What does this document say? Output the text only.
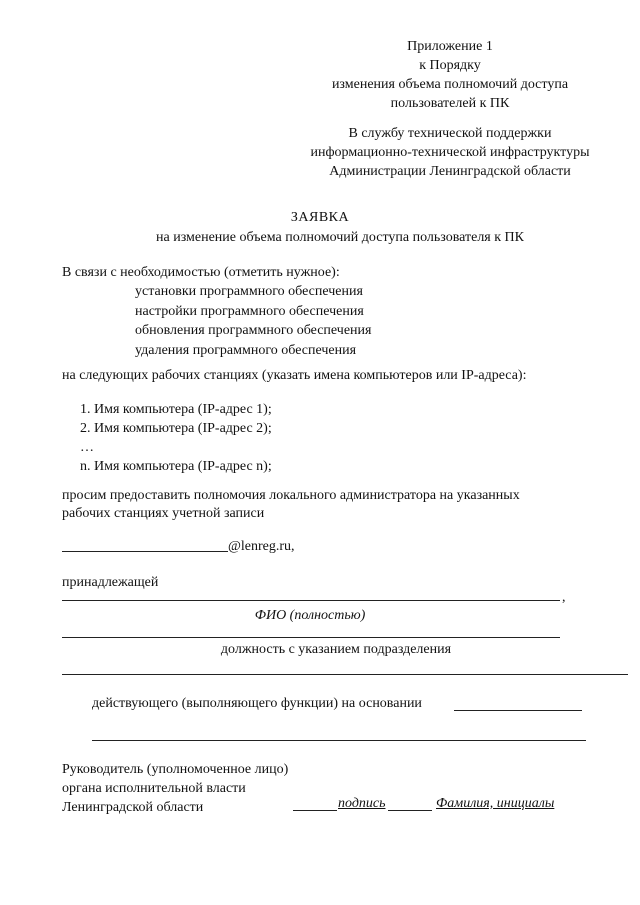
Приложение 1
к Порядку
изменения объема полномочий доступа
пользователей к ПК
В службу технической поддержки
информационно-технической инфраструктуры
Администрации Ленинградской области
ЗАЯВКА
на изменение объема полномочий доступа пользователя к ПК
В связи с необходимостью (отметить нужное):
установки программного обеспечения
настройки программного обеспечения
обновления программного обеспечения
удаления программного обеспечения
на следующих рабочих станциях (указать имена компьютеров или IP-адреса):
1. Имя компьютера (IP-адрес 1);
2. Имя компьютера (IP-адрес 2);
…
n. Имя компьютера (IP-адрес n);
просим предоставить полномочия локального администратора на указанных
рабочих станциях учетной записи
@lenreg.ru,
принадлежащей
,
ФИО (полностью)
должность с указанием подразделения
действующего (выполняющего функции) на основании
Руководитель (уполномоченное лицо)
органа исполнительной власти
Ленинградской области	подпись	Фамилия, инициалы
